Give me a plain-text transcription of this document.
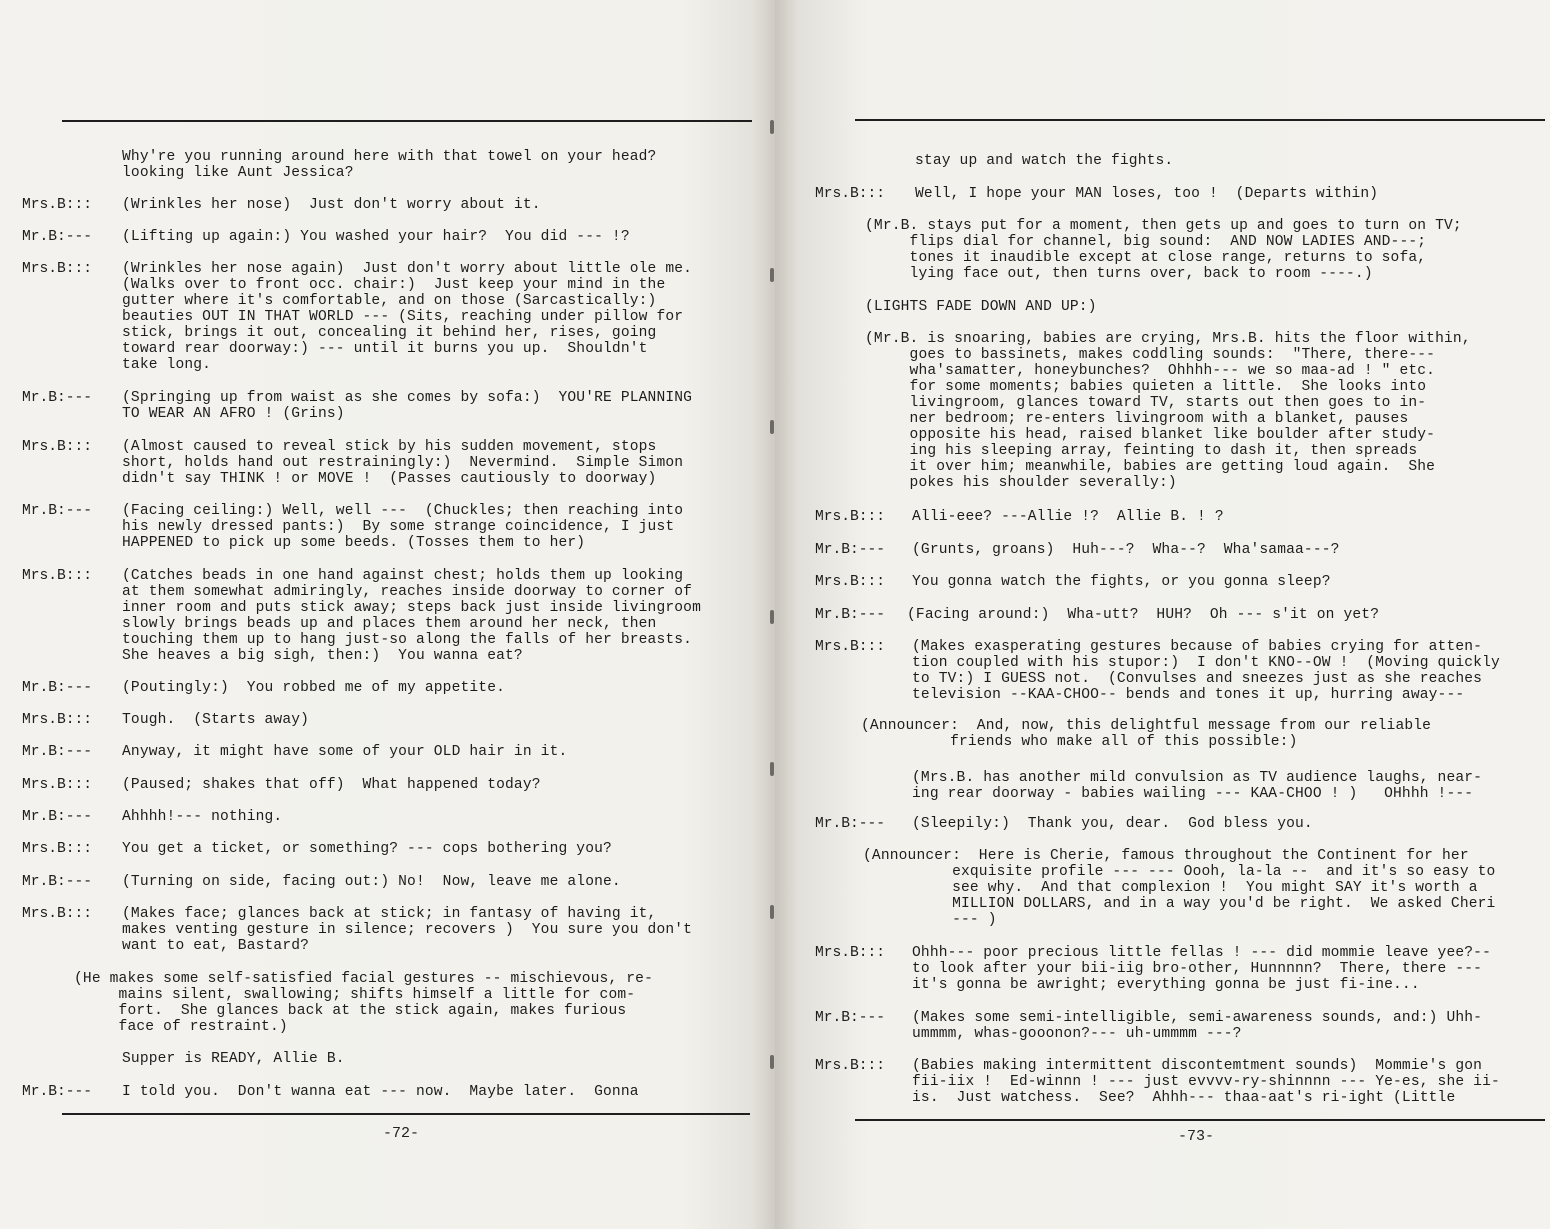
Why're you running around here with that towel on your head?
looking like Aunt Jessica?

Mrs.B::: (Wrinkles her nose)  Just don't worry about it.

Mr.B:--- (Lifting up again:) You washed your hair?  You did --- !?

Mrs.B::: (Wrinkles her nose again)  Just don't worry about little ole me.
(Walks over to front occ. chair:)  Just keep your mind in the
gutter where it's comfortable, and on those (Sarcastically:)
beauties OUT IN THAT WORLD --- (Sits, reaching under pillow for
stick, brings it out, concealing it behind her, rises, going
toward rear doorway:) --- until it burns you up.  Shouldn't
take long.

Mr.B:--- (Springing up from waist as she comes by sofa:)  YOU'RE PLANNING
TO WEAR AN AFRO ! (Grins)

Mrs.B::: (Almost caused to reveal stick by his sudden movement, stops
short, holds hand out restrainingly:)  Nevermind.  Simple Simon
didn't say THINK ! or MOVE !  (Passes cautiously to doorway)

Mr.B:--- (Facing ceiling:) Well, well ---  (Chuckles; then reaching into
his newly dressed pants:)  By some strange coincidence, I just
HAPPENED to pick up some beeds. (Tosses them to her)

Mrs.B::: (Catches beads in one hand against chest; holds them up looking
at them somewhat admiringly, reaches inside doorway to corner of
inner room and puts stick away; steps back just inside livingroom
slowly brings beads up and places them around her neck, then
touching them up to hang just-so along the falls of her breasts.
She heaves a big sigh, then:)  You wanna eat?

Mr.B:--- (Poutingly:)  You robbed me of my appetite.

Mrs.B::: Tough.  (Starts away)

Mr.B:--- Anyway, it might have some of your OLD hair in it.

Mrs.B::: (Paused; shakes that off)  What happened today?

Mr.B:--- Ahhhh!--- nothing.

Mrs.B::: You get a ticket, or something? --- cops bothering you?

Mr.B:--- (Turning on side, facing out:) No!  Now, leave me alone.

Mrs.B::: (Makes face; glances back at stick; in fantasy of having it,
makes venting gesture in silence; recovers )  You sure you don't
want to eat, Bastard?

(He makes some self-satisfied facial gestures -- mischievous, re-
mains silent, swallowing; shifts himself a little for com-
fort.  She glances back at the stick again, makes furious
face of restraint.)

Supper is READY, Allie B.

Mr.B:--- I told you.  Don't wanna eat --- now.  Maybe later.  Gonna

-72-

stay up and watch the fights.

Mrs.B::: Well, I hope your MAN loses, too !  (Departs within)

(Mr.B. stays put for a moment, then gets up and goes to turn on TV;
flips dial for channel, big sound:  AND NOW LADIES AND---;
tones it inaudible except at close range, returns to sofa,
lying face out, then turns over, back to room ----.)

(LIGHTS FADE DOWN AND UP:)

(Mr.B. is snoaring, babies are crying, Mrs.B. hits the floor within,
goes to bassinets, makes coddling sounds:  "There, there---
wha'samatter, honeybunches?  Ohhhh--- we so maa-ad ! " etc.
for some moments; babies quieten a little.  She looks into
livingroom, glances toward TV, starts out then goes to in-
ner bedroom; re-enters livingroom with a blanket, pauses
opposite his head, raised blanket like boulder after study-
ing his sleeping array, feinting to dash it, then spreads
it over him; meanwhile, babies are getting loud again.  She
pokes his shoulder severally:)

Mrs.B::: Alli-eee? ---Allie !?  Allie B. ! ?

Mr.B:--- (Grunts, groans)  Huh---?  Wha--?  Wha'samaa---?

Mrs.B::: You gonna watch the fights, or you gonna sleep?

Mr.B:--- (Facing around:)  Wha-utt?  HUH?  Oh --- s'it on yet?

Mrs.B::: (Makes exasperating gestures because of babies crying for atten-
tion coupled with his stupor:)  I don't KNO--OW !  (Moving quickly
to TV:) I GUESS not.  (Convulses and sneezes just as she reaches
television --KAA-CHOO-- bends and tones it up, hurring away---

(Announcer:  And, now, this delightful message from our reliable
friends who make all of this possible:)

(Mrs.B. has another mild convulsion as TV audience laughs, near-
ing rear doorway - babies wailing --- KAA-CHOO ! )   OHhhh !---

Mr.B:--- (Sleepily:)  Thank you, dear.  God bless you.

(Announcer:  Here is Cherie, famous throughout the Continent for her
exquisite profile --- --- Oooh, la-la --  and it's so easy to
see why.  And that complexion !  You might SAY it's worth a
MILLION DOLLARS, and in a way you'd be right.  We asked Cheri
--- )

Mrs.B::: Ohhh--- poor precious little fellas ! --- did mommie leave yee?--
to look after your bii-iig bro-other, Hunnnnn?  There, there ---
it's gonna be awright; everything gonna be just fi-ine...

Mr.B:--- (Makes some semi-intelligible, semi-awareness sounds, and:) Uhh-
ummmm, whas-gooonon?--- uh-ummmm ---?

Mrs.B::: (Babies making intermittent discontemtment sounds)  Mommie's gon
fii-iix !  Ed-winnn ! --- just evvvv-ry-shinnnn --- Ye-es, she ii-
is.  Just watchess.  See?  Ahhh--- thaa-aat's ri-ight (Little

-73-
